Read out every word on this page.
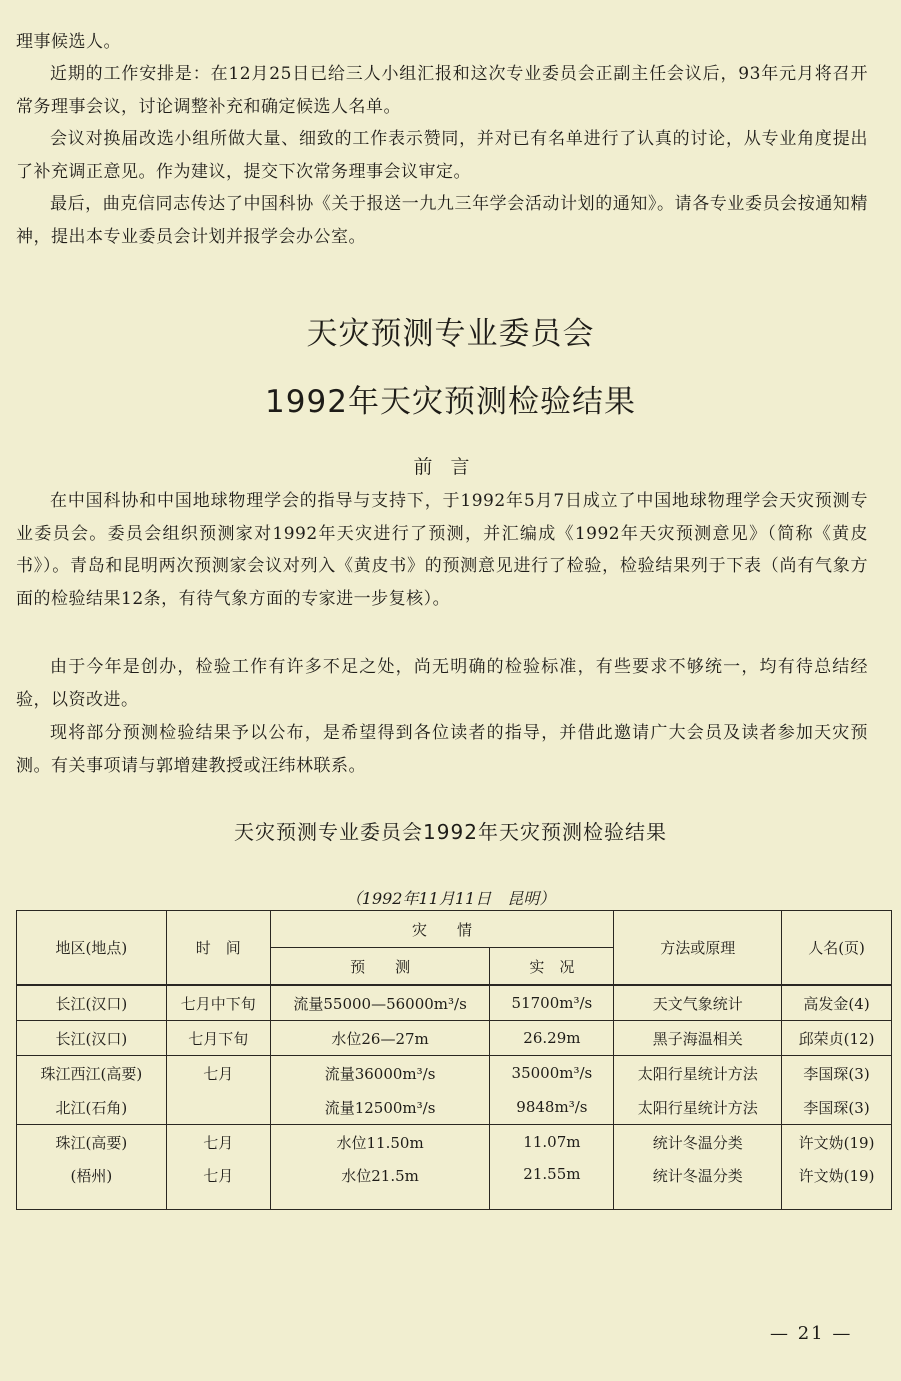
理事候选人。

近期的工作安排是：在12月25日已给三人小组汇报和这次专业委员会正副主任会议后，93年元月将召开常务理事会议，讨论调整补充和确定候选人名单。

会议对换届改选小组所做大量、细致的工作表示赞同，并对已有名单进行了认真的讨论，从专业角度提出了补充调正意见。作为建议，提交下次常务理事会议审定。

最后，曲克信同志传达了中国科协《关于报送一九九三年学会活动计划的通知》。请各专业委员会按通知精神，提出本专业委员会计划并报学会办公室。

天灾预测专业委员会
1992年天灾预测检验结果

前言

在中国科协和中国地球物理学会的指导与支持下，于1992年5月7日成立了中国地球物理学会天灾预测专业委员会。委员会组织预测家对1992年天灾进行了预测，并汇编成《1992年天灾预测意见》（简称《黄皮书》）。青岛和昆明两次预测家会议对列入《黄皮书》的预测意见进行了检验，检验结果列于下表（尚有气象方面的检验结果12条，有待气象方面的专家进一步复核）。

由于今年是创办，检验工作有许多不足之处，尚无明确的检验标准，有些要求不够统一，均有待总结经验，以资改进。

现将部分预测检验结果予以公布，是希望得到各位读者的指导，并借此邀请广大会员及读者参加天灾预测。有关事项请与郭增建教授或汪纬林联系。

天灾预测专业委员会1992年天灾预测检验结果

（1992年11月11日　昆明）

地区(地点)	时　间	灾　　情		方法或原理	人名(页)
		预　　测	实　况		
长江(汉口)	七月中下旬	流量55000—56000m³/s	51700m³/s	天文气象统计	高发金(4)
长江(汉口)	七月下旬	水位26—27m	26.29m	黑子海温相关	邱荣贞(12)
珠江西江(高要)	七月	流量36000m³/s	35000m³/s	太阳行星统计方法	李国琛(3)
北江(石角)		流量12500m³/s	9848m³/s	太阳行星统计方法	李国琛(3)
珠江(高要)	七月	水位11.50m	11.07m	统计冬温分类	许文妫(19)
(梧州)	七月	水位21.5m	21.55m	统计冬温分类	许文妫(19)

— 21 —
